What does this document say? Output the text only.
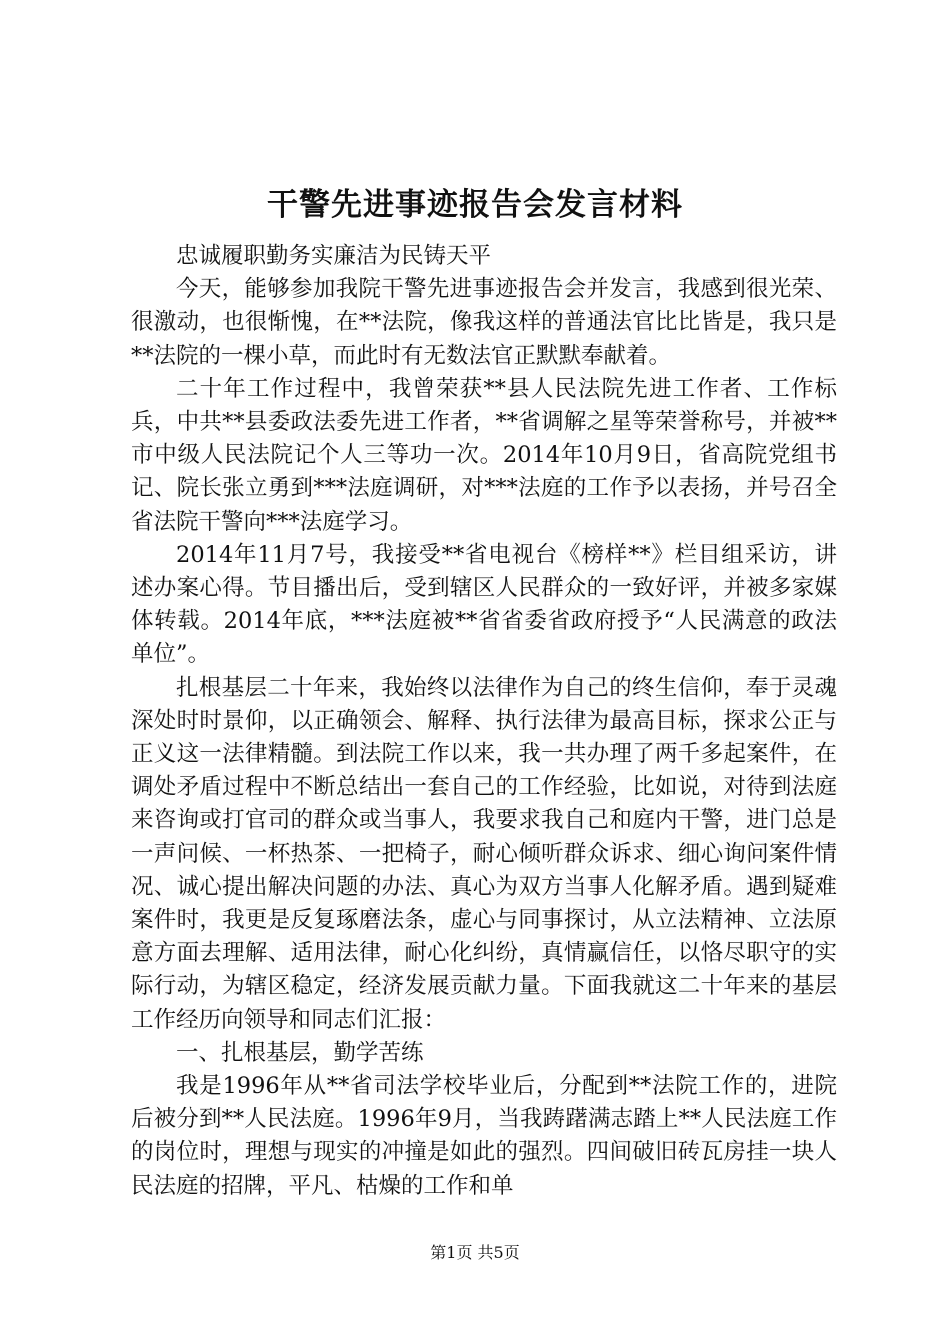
干警先进事迹报告会发言材料

忠诚履职勤务实廉洁为民铸天平

今天，能够参加我院干警先进事迹报告会并发言，我感到很光荣、很激动，也很惭愧，在**法院，像我这样的普通法官比比皆是，我只是**法院的一棵小草，而此时有无数法官正默默奉献着。

二十年工作过程中，我曾荣获**县人民法院先进工作者、工作标兵，中共**县委政法委先进工作者，**省调解之星等荣誉称号，并被**市中级人民法院记个人三等功一次。2014年10月9日，省高院党组书记、院长张立勇到***法庭调研，对***法庭的工作予以表扬，并号召全省法院干警向***法庭学习。

2014年11月7号，我接受**省电视台《榜样**》栏目组采访，讲述办案心得。节目播出后，受到辖区人民群众的一致好评，并被多家媒体转载。2014年底，***法庭被**省省委省政府授予“人民满意的政法单位”。

扎根基层二十年来，我始终以法律作为自己的终生信仰，奉于灵魂深处时时景仰，以正确领会、解释、执行法律为最高目标，探求公正与正义这一法律精髓。到法院工作以来，我一共办理了两千多起案件，在调处矛盾过程中不断总结出一套自己的工作经验，比如说，对待到法庭来咨询或打官司的群众或当事人，我要求我自己和庭内干警，进门总是一声问候、一杯热茶、一把椅子，耐心倾听群众诉求、细心询问案件情况、诚心提出解决问题的办法、真心为双方当事人化解矛盾。遇到疑难案件时，我更是反复琢磨法条，虚心与同事探讨，从立法精神、立法原意方面去理解、适用法律，耐心化纠纷，真情赢信任，以恪尽职守的实际行动，为辖区稳定，经济发展贡献力量。下面我就这二十年来的基层工作经历向领导和同志们汇报：

一、扎根基层，勤学苦练

我是1996年从**省司法学校毕业后，分配到**法院工作的，进院后被分到**人民法庭。1996年9月，当我踌躇满志踏上**人民法庭工作的岗位时，理想与现实的冲撞是如此的强烈。四间破旧砖瓦房挂一块人民法庭的招牌，平凡、枯燥的工作和单

第1页 共5页
